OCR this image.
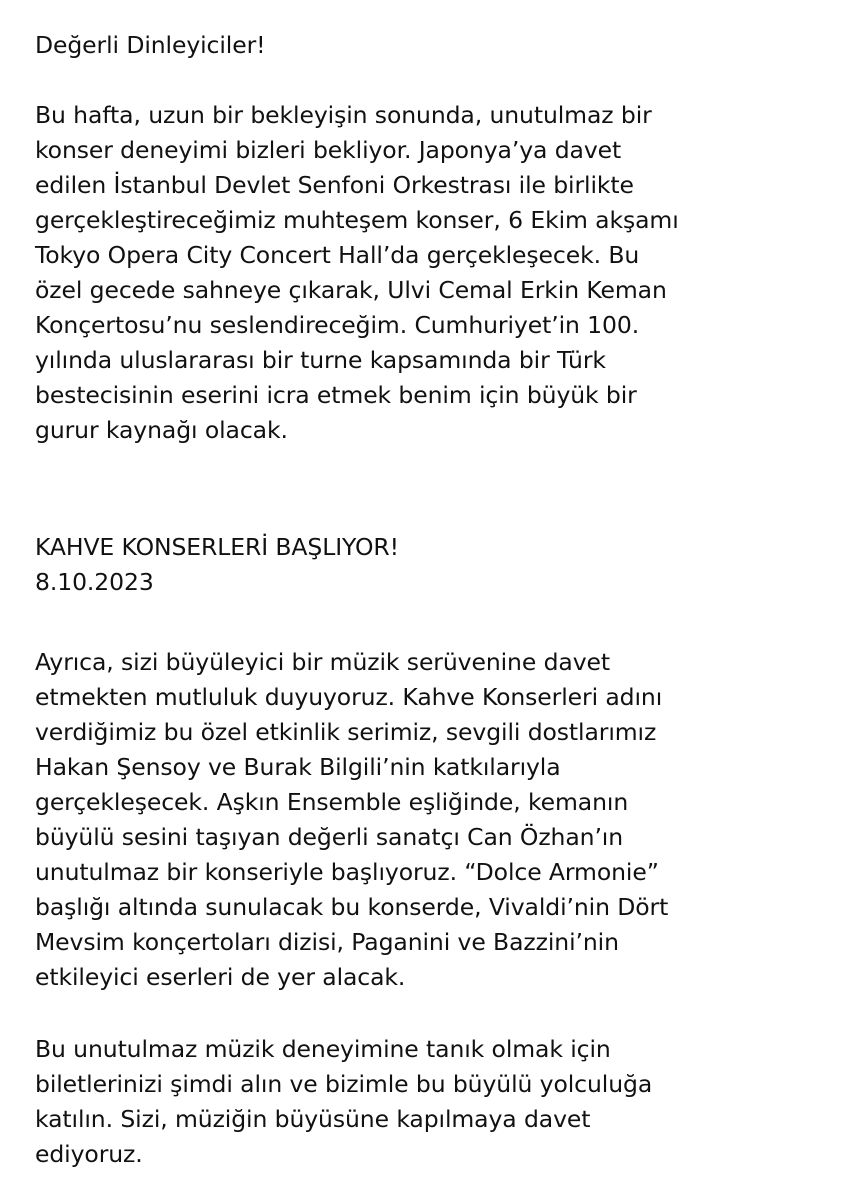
Değerli Dinleyiciler!
Bu hafta, uzun bir bekleyişin sonunda, unutulmaz bir
konser deneyimi bizleri bekliyor. Japonya’ya davet
edilen İstanbul Devlet Senfoni Orkestrası ile birlikte
gerçekleştireceğimiz muhteşem konser, 6 Ekim akşamı
Tokyo Opera City Concert Hall’da gerçekleşecek. Bu
özel gecede sahneye çıkarak, Ulvi Cemal Erkin Keman
Konçertosu’nu seslendireceğim. Cumhuriyet’in 100.
yılında uluslararası bir turne kapsamında bir Türk
bestecisinin eserini icra etmek benim için büyük bir
gurur kaynağı olacak.
KAHVE KONSERLERİ BAŞLIYOR!
8.10.2023
Ayrıca, sizi büyüleyici bir müzik serüvenine davet
etmekten mutluluk duyuyoruz. Kahve Konserleri adını
verdiğimiz bu özel etkinlik serimiz, sevgili dostlarımız
Hakan Şensoy ve Burak Bilgili’nin katkılarıyla
gerçekleşecek. Aşkın Ensemble eşliğinde, kemanın
büyülü sesini taşıyan değerli sanatçı Can Özhan’ın
unutulmaz bir konseriyle başlıyoruz. “Dolce Armonie”
başlığı altında sunulacak bu konserde, Vivaldi’nin Dört
Mevsim konçertoları dizisi, Paganini ve Bazzini’nin
etkileyici eserleri de yer alacak.
Bu unutulmaz müzik deneyimine tanık olmak için
biletlerinizi şimdi alın ve bizimle bu büyülü yolculuğa
katılın. Sizi, müziğin büyüsüne kapılmaya davet
ediyoruz.
